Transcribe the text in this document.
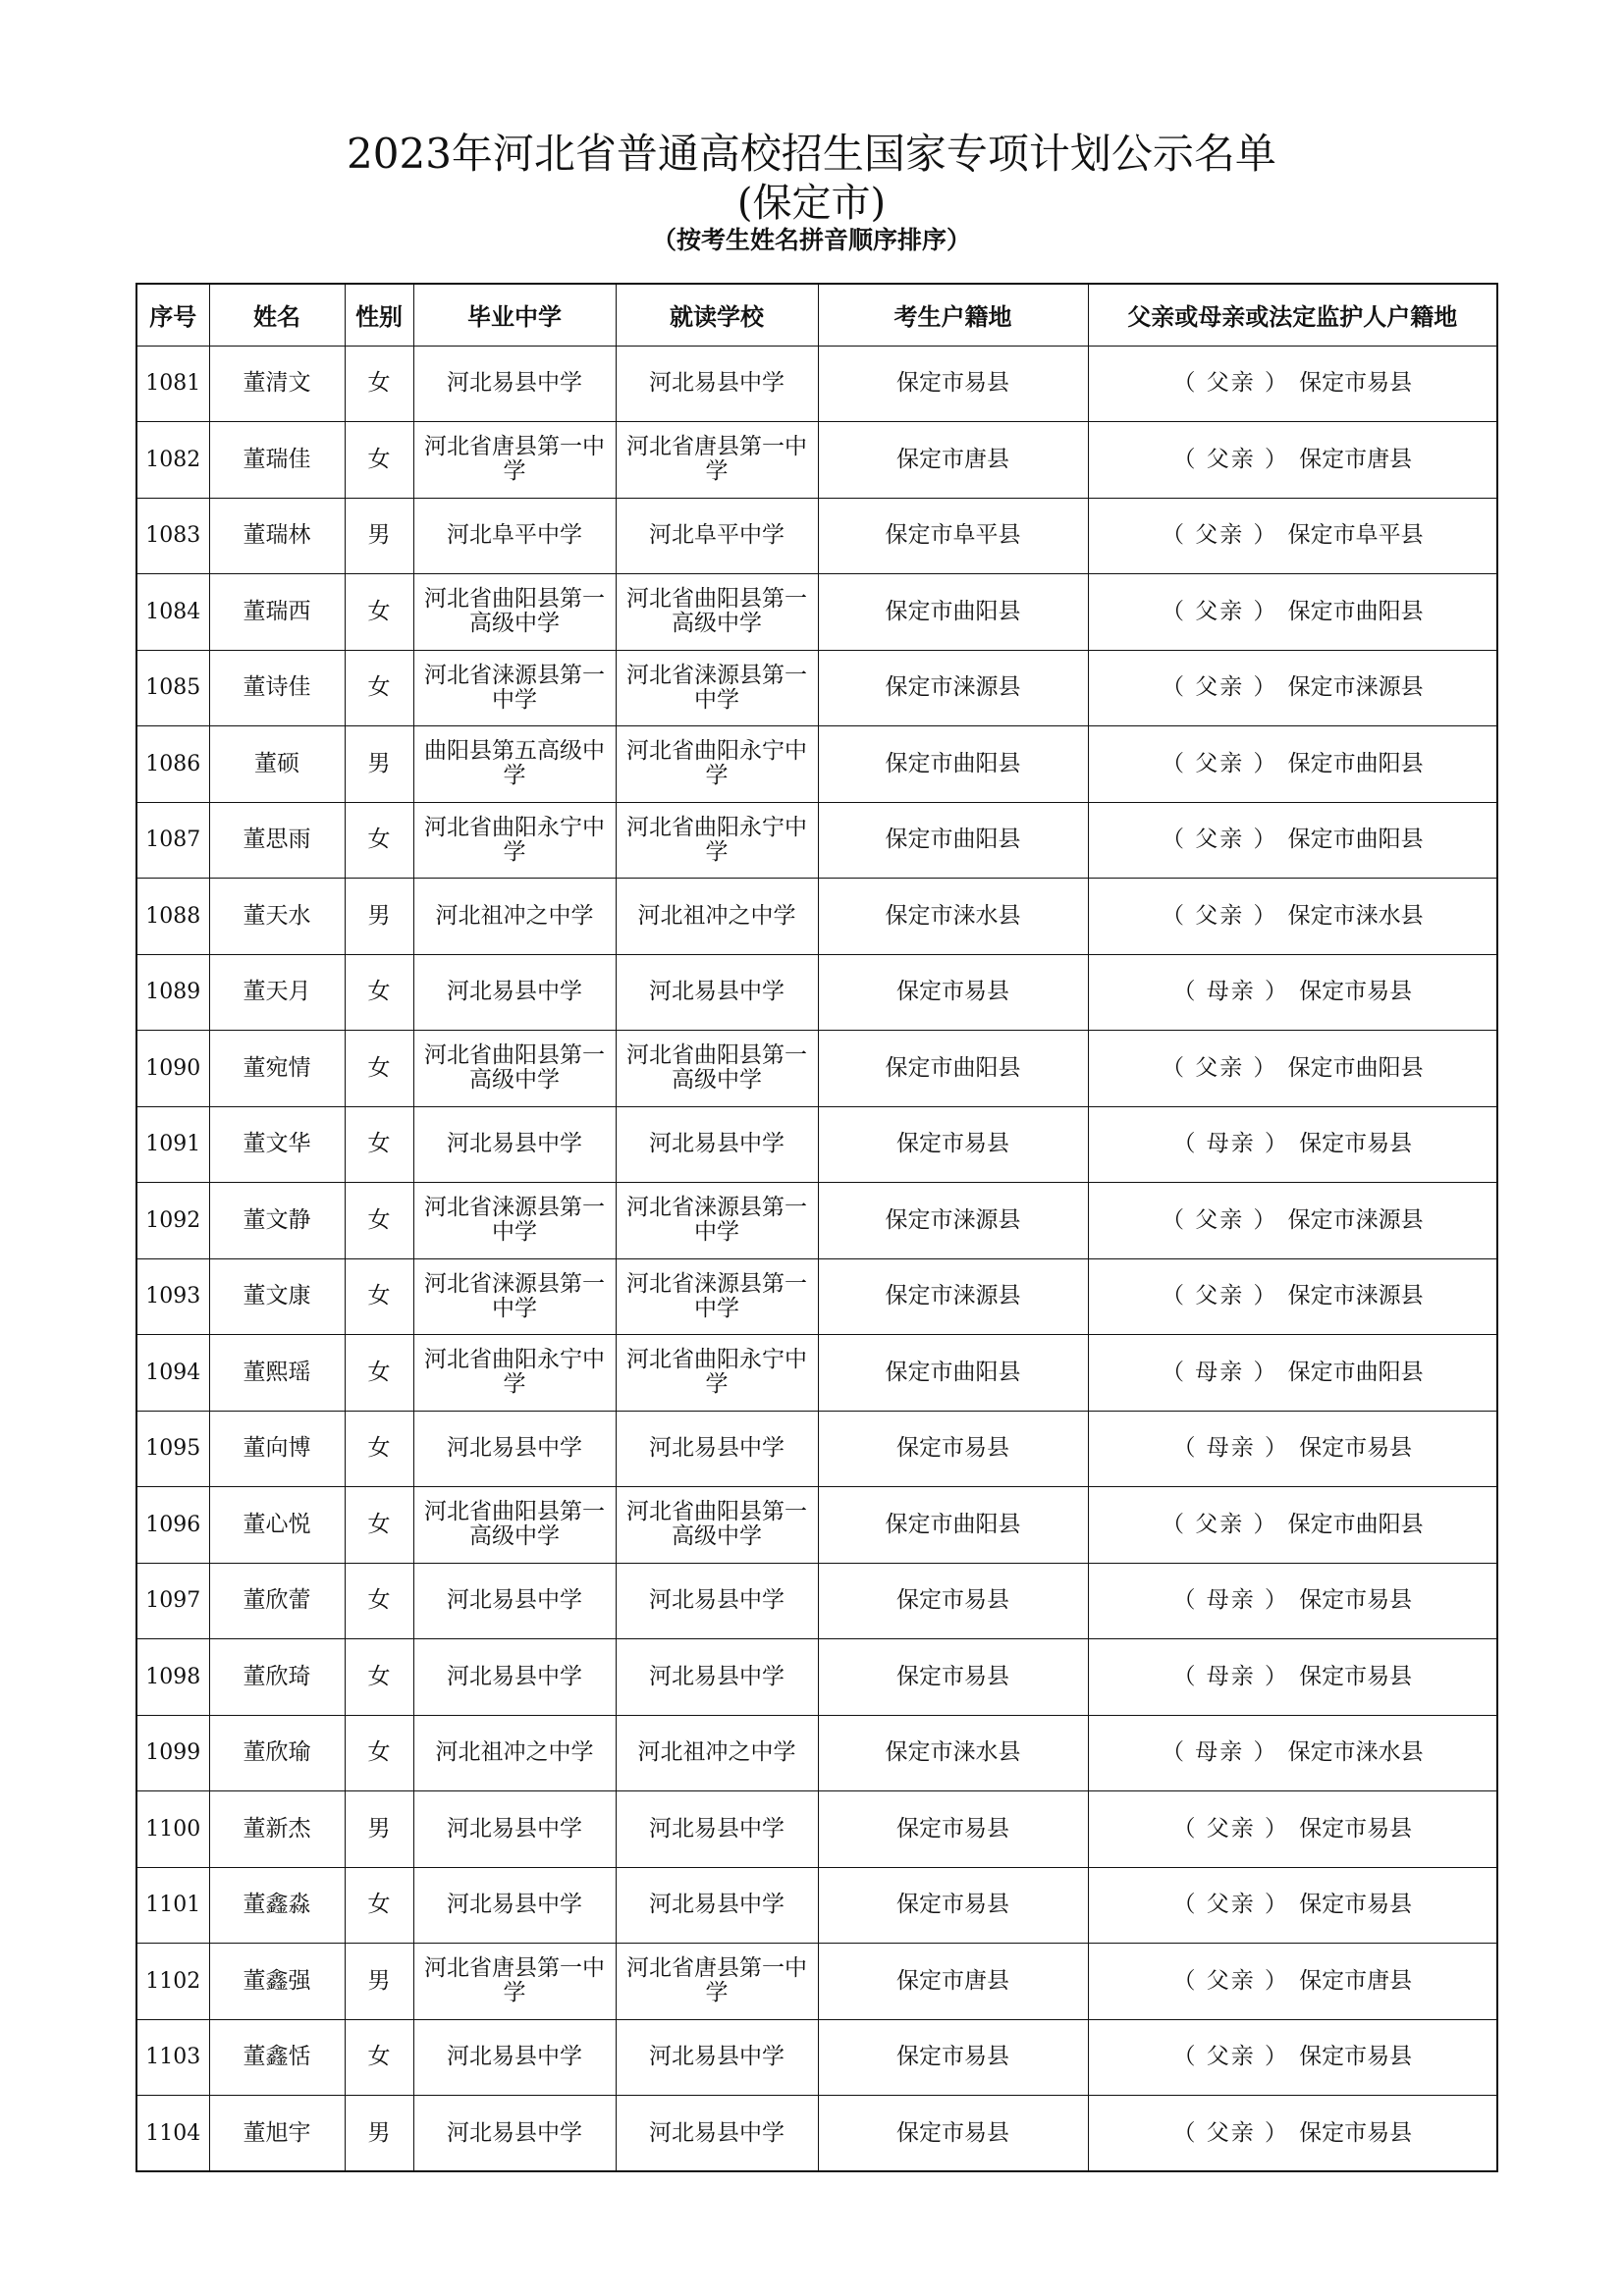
2023年河北省普通高校招生国家专项计划公示名单
(保定市)
（按考生姓名拼音顺序排序）
序号	姓名	性别	毕业中学	就读学校	考生户籍地	父亲或母亲或法定监护人户籍地
1081	董清文	女	河北易县中学	河北易县中学	保定市易县	（ 父亲 ） 保定市易县
1082	董瑞佳	女	河北省唐县第一中学	河北省唐县第一中学	保定市唐县	（ 父亲 ） 保定市唐县
1083	董瑞林	男	河北阜平中学	河北阜平中学	保定市阜平县	（ 父亲 ） 保定市阜平县
1084	董瑞西	女	河北省曲阳县第一高级中学	河北省曲阳县第一高级中学	保定市曲阳县	（ 父亲 ） 保定市曲阳县
1085	董诗佳	女	河北省涞源县第一中学	河北省涞源县第一中学	保定市涞源县	（ 父亲 ） 保定市涞源县
1086	董硕	男	曲阳县第五高级中学	河北省曲阳永宁中学	保定市曲阳县	（ 父亲 ） 保定市曲阳县
1087	董思雨	女	河北省曲阳永宁中学	河北省曲阳永宁中学	保定市曲阳县	（ 父亲 ） 保定市曲阳县
1088	董天水	男	河北祖冲之中学	河北祖冲之中学	保定市涞水县	（ 父亲 ） 保定市涞水县
1089	董天月	女	河北易县中学	河北易县中学	保定市易县	（ 母亲 ） 保定市易县
1090	董宛情	女	河北省曲阳县第一高级中学	河北省曲阳县第一高级中学	保定市曲阳县	（ 父亲 ） 保定市曲阳县
1091	董文华	女	河北易县中学	河北易县中学	保定市易县	（ 母亲 ） 保定市易县
1092	董文静	女	河北省涞源县第一中学	河北省涞源县第一中学	保定市涞源县	（ 父亲 ） 保定市涞源县
1093	董文康	女	河北省涞源县第一中学	河北省涞源县第一中学	保定市涞源县	（ 父亲 ） 保定市涞源县
1094	董熙瑶	女	河北省曲阳永宁中学	河北省曲阳永宁中学	保定市曲阳县	（ 母亲 ） 保定市曲阳县
1095	董向博	女	河北易县中学	河北易县中学	保定市易县	（ 母亲 ） 保定市易县
1096	董心悦	女	河北省曲阳县第一高级中学	河北省曲阳县第一高级中学	保定市曲阳县	（ 父亲 ） 保定市曲阳县
1097	董欣蕾	女	河北易县中学	河北易县中学	保定市易县	（ 母亲 ） 保定市易县
1098	董欣琦	女	河北易县中学	河北易县中学	保定市易县	（ 母亲 ） 保定市易县
1099	董欣瑜	女	河北祖冲之中学	河北祖冲之中学	保定市涞水县	（ 母亲 ） 保定市涞水县
1100	董新杰	男	河北易县中学	河北易县中学	保定市易县	（ 父亲 ） 保定市易县
1101	董鑫淼	女	河北易县中学	河北易县中学	保定市易县	（ 父亲 ） 保定市易县
1102	董鑫强	男	河北省唐县第一中学	河北省唐县第一中学	保定市唐县	（ 父亲 ） 保定市唐县
1103	董鑫恬	女	河北易县中学	河北易县中学	保定市易县	（ 父亲 ） 保定市易县
1104	董旭宇	男	河北易县中学	河北易县中学	保定市易县	（ 父亲 ） 保定市易县
